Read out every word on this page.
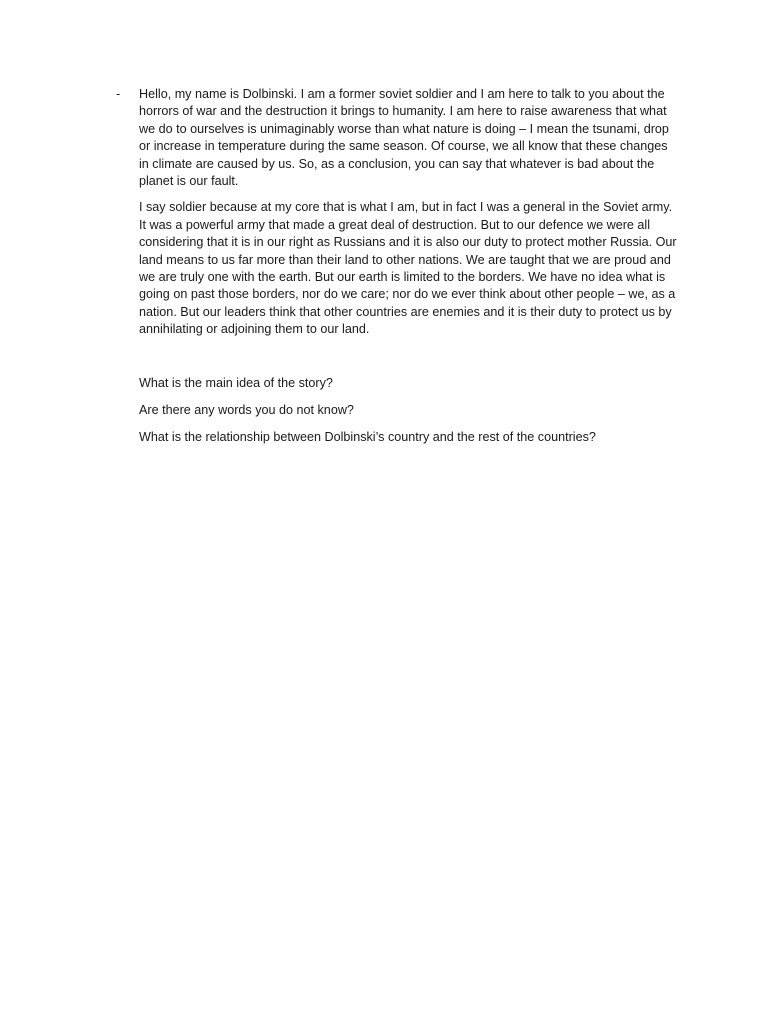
- Hello, my name is Dolbinski. I am a former soviet soldier and I am here to talk to you about the horrors of war and the destruction it brings to humanity. I am here to raise awareness that what we do to ourselves is unimaginably worse than what nature is doing – I mean the tsunami, drop or increase in temperature during the same season. Of course, we all know that these changes in climate are caused by us. So, as a conclusion, you can say that whatever is bad about the planet is our fault.

I say soldier because at my core that is what I am, but in fact I was a general in the Soviet army. It was a powerful army that made a great deal of destruction. But to our defence we were all considering that it is in our right as Russians and it is also our duty to protect mother Russia. Our land means to us far more than their land to other nations. We are taught that we are proud and we are truly one with the earth. But our earth is limited to the borders. We have no idea what is going on past those borders, nor do we care; nor do we ever think about other people – we, as a nation. But our leaders think that other countries are enemies and it is their duty to protect us by annihilating or adjoining them to our land.

What is the main idea of the story?

Are there any words you do not know?

What is the relationship between Dolbinski’s country and the rest of the countries?
